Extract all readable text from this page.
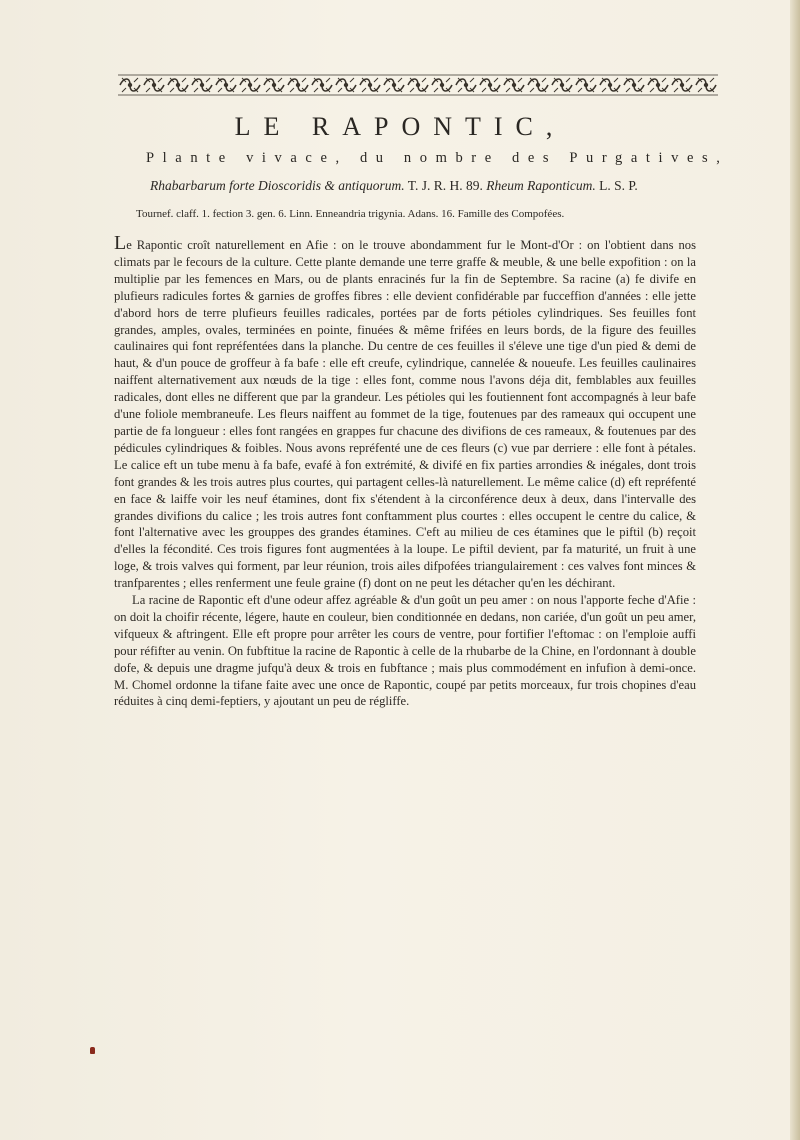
LE RAPONTIC,
Plante vivace, du nombre des Purgatives,
Rhabarbarum forte Dioscoridis & antiquorum. T. J. R. H. 89. Rheum Raponticum. L. S. P.
Tournef. claff. 1. fection 3. gen. 6. Linn. Enneandria trigynia. Adans. 16. Famille des Compofées.

Le Rapontic croît naturellement en Afie : on le trouve abondamment fur le Mont-d'Or : on l'obtient dans nos climats par le fecours de la culture. Cette plante demande une terre graffe & meuble, & une belle expofition : on la multiplie par les femences en Mars, ou de plants enracinés fur la fin de Septembre. Sa racine (a) fe divife en plufieurs radicules fortes & garnies de groffes fibres : elle devient confidérable par fucceffion d'années : elle jette d'abord hors de terre plufieurs feuilles radicales, portées par de forts pétioles cylindriques. Ses feuilles font grandes, amples, ovales, terminées en pointe, finuées & même frifées en leurs bords, de la figure des feuilles caulinaires qui font repréfentées dans la planche. Du centre de ces feuilles il s'éleve une tige d'un pied & demi de haut, & d'un pouce de groffeur à fa bafe : elle eft creufe, cylindrique, cannelée & noueufe. Les feuilles caulinaires naiffent alternativement aux nœuds de la tige : elles font, comme nous l'avons déja dit, femblables aux feuilles radicales, dont elles ne different que par la grandeur. Les pétioles qui les foutiennent font accompagnés à leur bafe d'une foliole membraneufe. Les fleurs naiffent au fommet de la tige, foutenues par des rameaux qui occupent une partie de fa longueur : elles font rangées en grappes fur chacune des divifions de ces rameaux, & foutenues par des pédicules cylindriques & foibles. Nous avons repréfenté une de ces fleurs (c) vue par derriere : elle font à pétales. Le calice eft un tube menu à fa bafe, evafé à fon extrémité, & divifé en fix parties arrondies & inégales, dont trois font grandes & les trois autres plus courtes, qui partagent celles-là naturellement. Le même calice (d) eft repréfenté en face & laiffe voir les neuf étamines, dont fix s'étendent à la circonférence deux à deux, dans l'intervalle des grandes divifions du calice ; les trois autres font conftamment plus courtes : elles occupent le centre du calice, & font l'alternative avec les grouppes des grandes étamines. C'eft au milieu de ces étamines que le piftil (b) reçoit d'elles la fécondité. Ces trois figures font augmentées à la loupe. Le piftil devient, par fa maturité, un fruit à une loge, & trois valves qui forment, par leur réunion, trois ailes difpofées triangulairement : ces valves font minces & tranfparentes ; elles renferment une feule graine (f) dont on ne peut les détacher qu'en les déchirant.

La racine de Rapontic eft d'une odeur affez agréable & d'un goût un peu amer : on nous l'apporte feche d'Afie : on doit la choifir récente, légere, haute en couleur, bien conditionnée en dedans, non cariée, d'un goût un peu amer, vifqueux & aftringent. Elle eft propre pour arrêter les cours de ventre, pour fortifier l'eftomac : on l'emploie auffi pour réfifter au venin. On fubftitue la racine de Rapontic à celle de la rhubarbe de la Chine, en l'ordonnant à double dofe, & depuis une dragme jufqu'à deux & trois en fubftance ; mais plus commodément en infufion à demi-once. M. Chomel ordonne la tifane faite avec une once de Rapontic, coupé par petits morceaux, fur trois chopines d'eau réduites à cinq demi-feptiers, y ajoutant un peu de régliffe.
